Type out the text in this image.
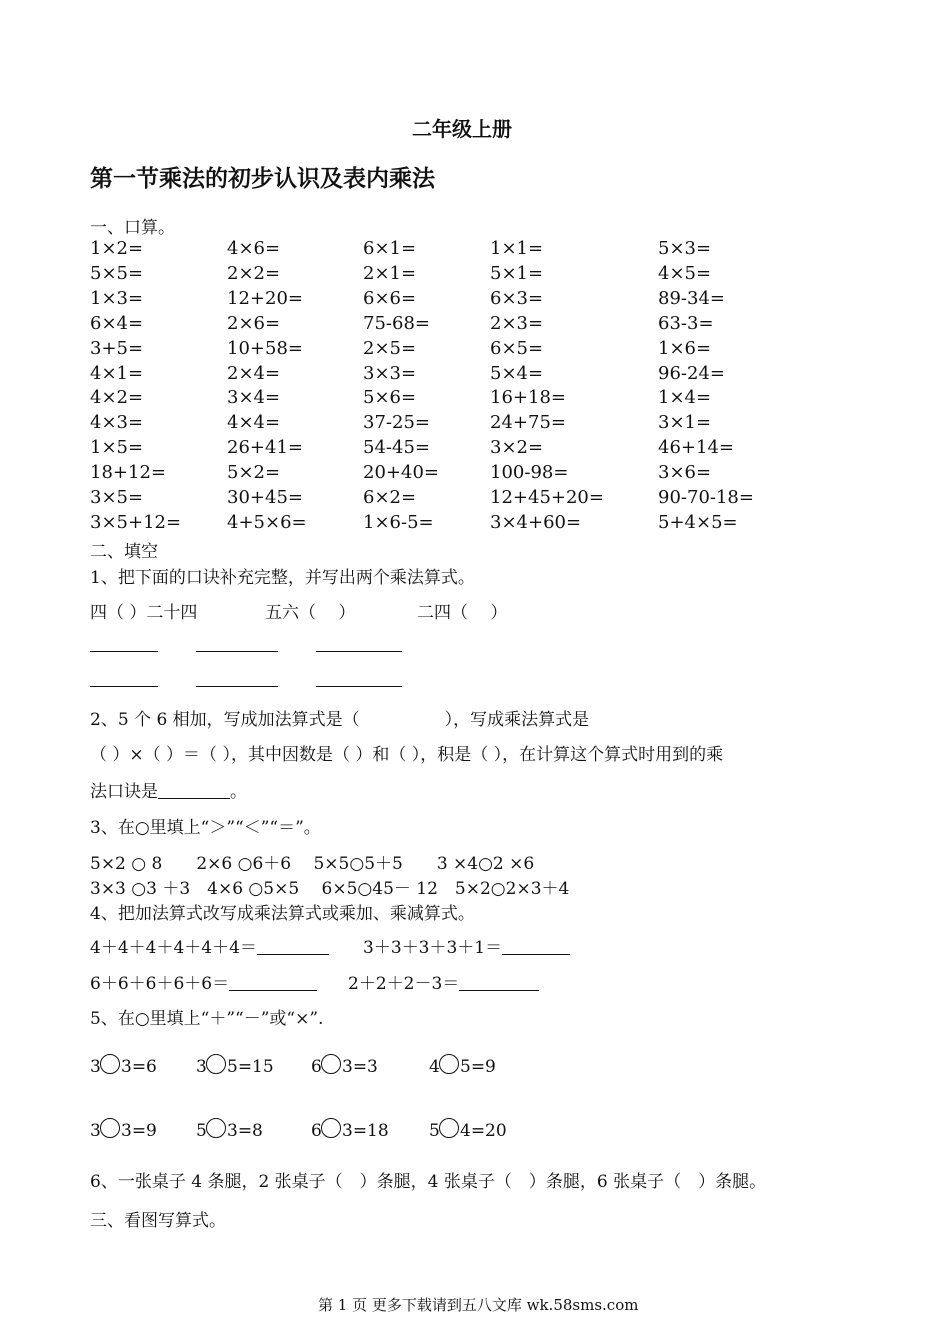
二年级上册
第一节乘法的初步认识及表内乘法
一、口算。
1×2=	4×6=	6×1=	1×1=	5×3=
5×5=	2×2=	2×1=	5×1=	4×5=
1×3=	12+20=	6×6=	6×3=	89-34=
6×4=	2×6=	75-68=	2×3=	63-3=
3+5=	10+58=	2×5=	6×5=	1×6=
4×1=	2×4=	3×3=	5×4=	96-24=
4×2=	3×4=	5×6=	16+18=	1×4=
4×3=	4×4=	37-25=	24+75=	3×1=
1×5=	26+41=	54-45=	3×2=	46+14=
18+12=	5×2=	20+40=	100-98=	3×6=
3×5=	30+45=	6×2=	12+45+20=	90-70-18=
3×5+12=	4+5×6=	1×6-5=	3×4+60=	5+4×5=
二、填空
1、把下面的口诀补充完整，并写出两个乘法算式。
四（ ）二十四	五六（　 ）	二四（　 ）
2、5 个 6 相加，写成加法算式是（　　　　　），写成乘法算式是
（ ）×（ ）＝（ ），其中因数是（ ）和（ ），积是（ ），在计算这个算式时用到的乘
法口诀是	。
3、在○里填上“＞”“＜”“＝”。
5×2 ○ 8　　2×6 ○6＋6　 5×5○5＋5　　3 ×4○2 ×6
3×3 ○3 ＋3　4×6 ○5×5　 6×5○45－ 12　5×2○2×3＋4
4、把加法算式改写成乘法算式或乘加、乘减算式。
4＋4＋4＋4＋4＋4＝	3＋3＋3＋3＋1＝
6＋6＋6＋6＋6＝	2＋2＋2－3＝
5、在○里填上“＋”“－”或“×”.
3 3=6 3 5=15 6 3=3	4 5=9
3 3=9 5 3=8	6 3=18 5 4=20
6、一张桌子 4 条腿，2 张桌子（　）条腿，4 张桌子（　）条腿，6 张桌子（　）条腿。
三、看图写算式。
第 1 页 更多下载请到五八文库 wk.58sms.com
